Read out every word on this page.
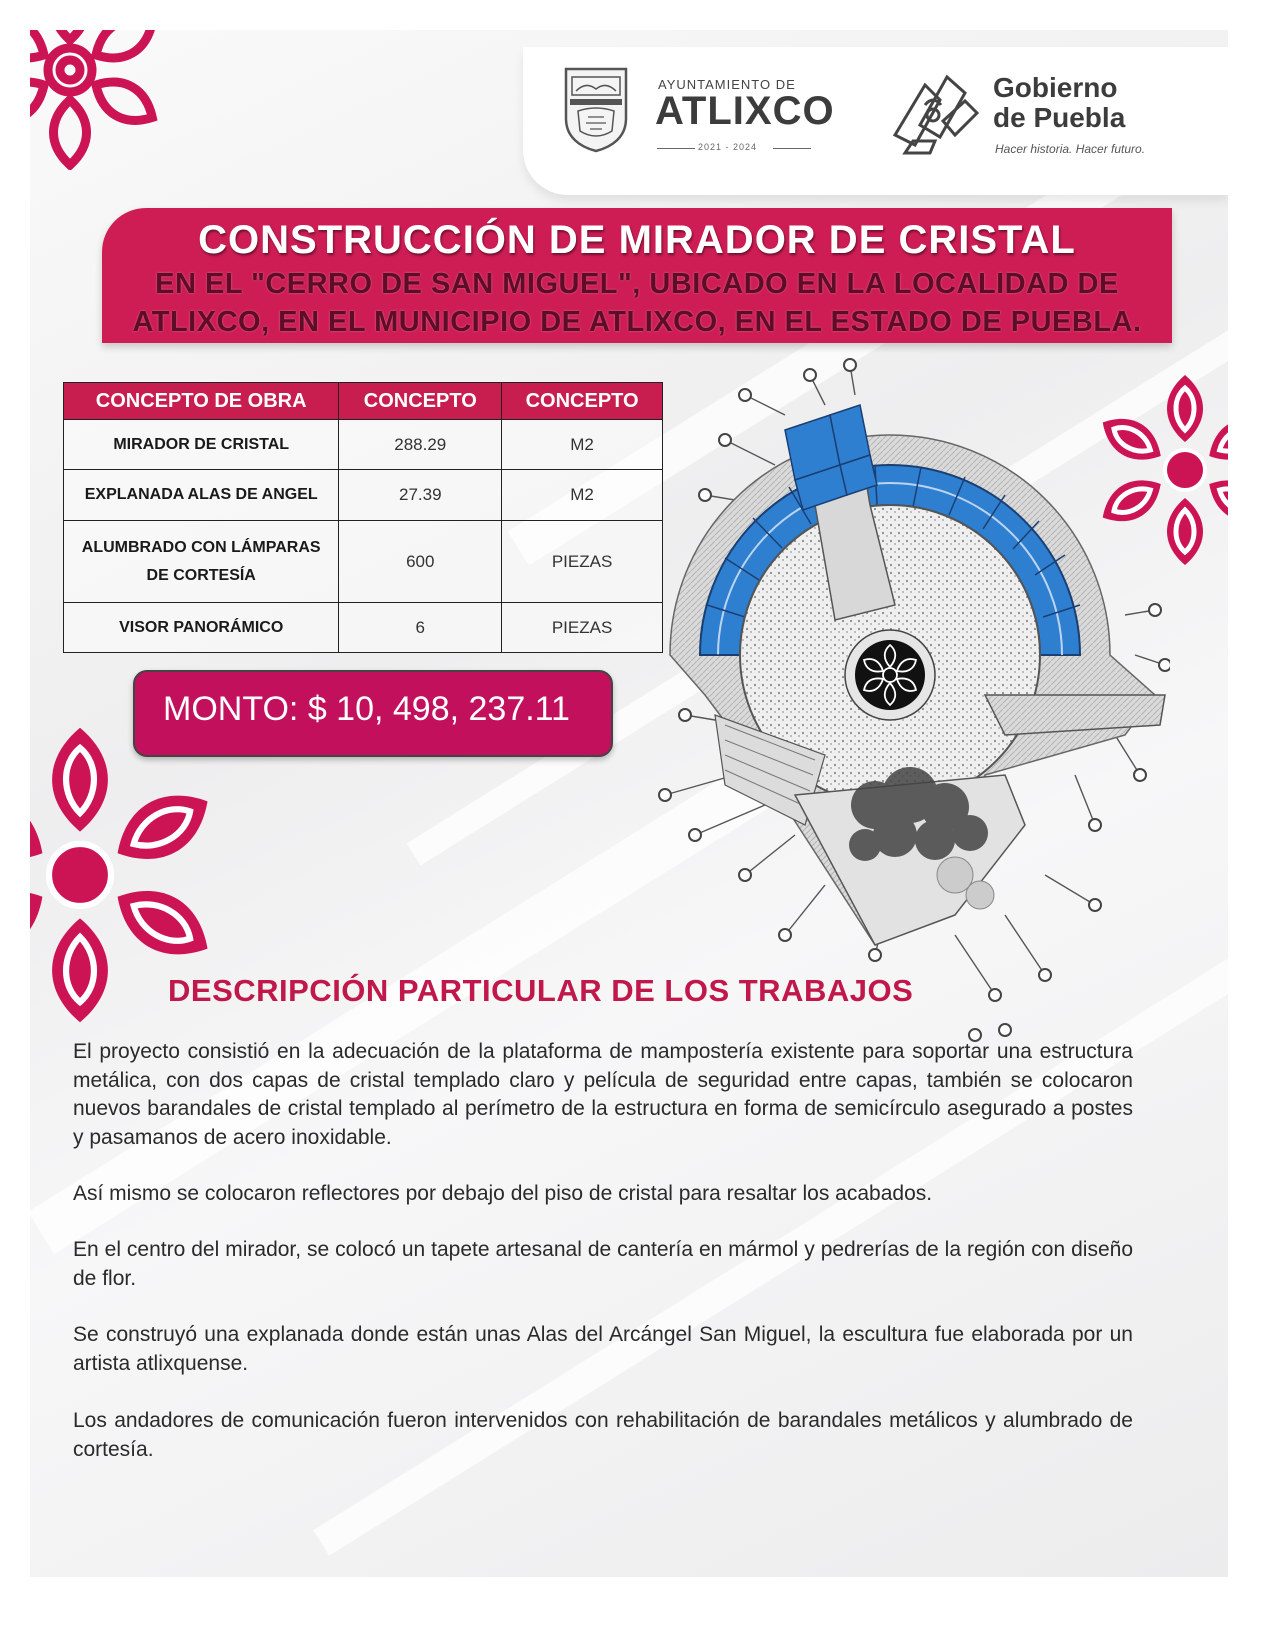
AYUNTAMIENTO DE
ATLIXCO
2021 - 2024
Gobierno
de Puebla
Hacer historia. Hacer futuro.
CONSTRUCCIÓN DE MIRADOR DE CRISTAL
EN EL "CERRO DE SAN MIGUEL", UBICADO EN LA LOCALIDAD DE
ATLIXCO, EN EL MUNICIPIO DE ATLIXCO, EN EL ESTADO DE PUEBLA.
CONCEPTO DE OBRA	CONCEPTO	CONCEPTO
MIRADOR DE CRISTAL	288.29	M2
EXPLANADA ALAS DE ANGEL	27.39	M2

ALUMBRADO CON LÁMPARAS
DE CORTESÍA	600	PIEZAS
VISOR PANORÁMICO	6	PIEZAS
MONTO: $ 10, 498, 237.11
DESCRIPCIÓN PARTICULAR DE LOS TRABAJOS

El proyecto consistió en la adecuación de la plataforma de mampostería existente para soportar una estructura metálica, con dos capas de cristal templado claro y película de seguridad entre capas, también se colocaron nuevos barandales de cristal templado al perímetro de la estructura en forma de semicírculo asegurado a postes y pasamanos de acero inoxidable.

Así mismo se colocaron reflectores por debajo del piso de cristal para resaltar los acabados.

En el centro del mirador, se colocó un tapete artesanal de cantería en mármol y pedrerías de la región con diseño de flor.

Se construyó una explanada donde están unas Alas del Arcángel San Miguel, la escultura fue elaborada por un artista atlixquense.

Los andadores de comunicación fueron intervenidos con rehabilitación de barandales metálicos y alumbrado de cortesía.
